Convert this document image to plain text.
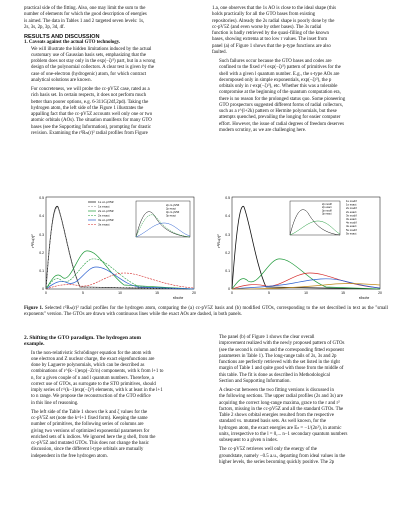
practical side of the fitting. Also, one may limit the sum to the

number of elements for which the good description of energies

is aimed. The data in Tables 1 and 2 targeted seven levels: 1s,

2s, 3s, 2p, 3p, 3d, 4f.

RESULTS AND DISCUSSION

1. Caveats against the actual GTO technology.

We will illustrate the hidden limitations induced by the actual

customary use of Gaussian basis sets, emphasizing that the

problem does not stay only in the exp(−ζr²) part, but in a wrong

design of the polynomial collectors. A clear test is given by the

case of one-electron (hydrogenic) atom, for which contract

analytical solutions are known.

For concreteness, we will probe the cc-pV5Z case, rated as a

rich basis set. In certain respects, it does not perform much

better than poorer options, e.g. 6-311G(2df,2pd). Taking the

hydrogen atom, the left side of the Figure 1 illustrates the

appalling fact that the cc-pV5Z accounts well only one or two

atomic orbitals (AOs). The situation manifests for many GTO

bases (see the Supporting Information), prompting for drastic

revision. Examining the r²Rₙₗ(r)² radial profiles from Figure

1.a, one observes that the 1s AO is close to the ideal shape (this

holds practically for all the GTO bases from existing

repositories). Already the 2s radial shape is poorly done by the

cc-pV5Z (and even worse by other bases). The 3s radial

function is badly retrieved by the quasi-filling of the known

bases, showing extrema at too low r values. The inset from

panel (a) of Figure 1 shows that the p-type functions are also

faulted.

Such failures occur because the GTO bases and codes are

confined to the fixed r^l exp(−ζr²) pattern of primitives for the

shell with a given l quantum number. E.g., the s-type AOs are

decomposed only in simple exponentials, exp(−ζr²), the p

orbitals only in r·exp(−ζr²), etc. Whether this was a tolerable

compromise at the beginning of the quantum computation era,

there is no reason for the prolonged status quo. Some pioneering

GTO prospectors suggested different forms of radial collectors,

such as a r^(l+2k) pattern or Hermite polynomials, but these

attempts quenched, prevailing the longing for easier computer

effort. However, the issue of radial degrees of freedom deserves

modern scrutiny, as we are challenging here.

r²Rₙₗ(r)²
r/bohr
0.5
0.4
0.3
0.2
0.1
0
0	5	10	15	20
1s cc-pV5Z
1s exact
2s cc-pV5Z
2s exact
3s cc-pV5Z
3s exact
2p cc-pV5Z
2p exact
3p cc-pV5Z
3p exact
r²Rₙₗ(r)²
r/bohr
0.5
0.4
0.3
0.2
0.1
0
0	5	10	15	20
1s modif
1s exact
2s modif
2s exact
3s modif
3s exact
4s modif
4s exact
5s modif
5s exact
2p modif
2p exact
3p modif
3p exact
Figure 1. Selected r²Rₙₗ(r)² radial profiles for the hydrogen atom, comparing the (a) cc-pV5Z basis and (b) modified GTOs, corresponding to the set described in text as the "small exponents" version. The GTOs are drawn with continuous lines while the exact AOs are dashed, in both panels.

2. Shifting the GTO paradigm. The hydrogen atom

example.

In the non-relativistic Schrödinger equation for the atom with

one electron and Z nuclear charge, the exact eigenfunctions are

done by Laguerre polynomials, which can be described as

combinations of r^(k−1)exp(−Zr/n) components, with k from l+1 to

n, for a given couple of n and l quantum numbers. Therefore, a

correct use of GTOs, as surrogate to the STO primitives, should

imply series of r^(k−1)exp(−ζr²) elements, with k at least in the l+1

to n range. We propose the reconstruction of the GTO edifice

in this line of reasoning.

The left side of the Table 1 shows the k and ζ values for the

cc-pV5Z set (note the k=l+1 fixed form). Keeping the same

number of primitives, the following series of columns are

giving two versions of optimized exponential parameters for

enriched sets of k indices. We ignored here the g shell, from the

cc-pV5Z and mutated GTOs. This does not change the basic

discussion, since the different l-type orbitals are mutually

independent in the free hydrogen atom.

The panel (b) of Figure 1 shows the clear overall

improvement realized with the newly proposed pattern of GTOs

(see the second k column and the corresponding fitted exponent

parameters in Table 1). The long-range tails of 2s, 3s and 2p

functions are perfectly retrieved with the set listed in the right

margin of Table 1 and quite good with those from the middle of

this table. The fit is done as described in Methodological

Section and Supporting Information.

A clear-cut between the two fitting versions is discussed in

the following sections. The upper radial profiles (2s and 3s) are

acquiring the correct long-range maxima, grace to the r and r²

factors, missing in the cc-pV5Z and all the standard GTOs. The

Table 2 shows orbital energies resulted from the respective

standard vs. mutated basis sets. As well known, for the

hydrogen atom, the exact energies are Eₙ = −1/(2n²), in atomic

units, irrespective to the l = 0,... n−1 secondary quantum numbers

subsequent to a given n index.

The cc-pV5Z retrieves well only the energy of the

groundstate, namely −0.5 a.u., departing from ideal values in the

higher levels, the series becoming quickly positive. The 2p
